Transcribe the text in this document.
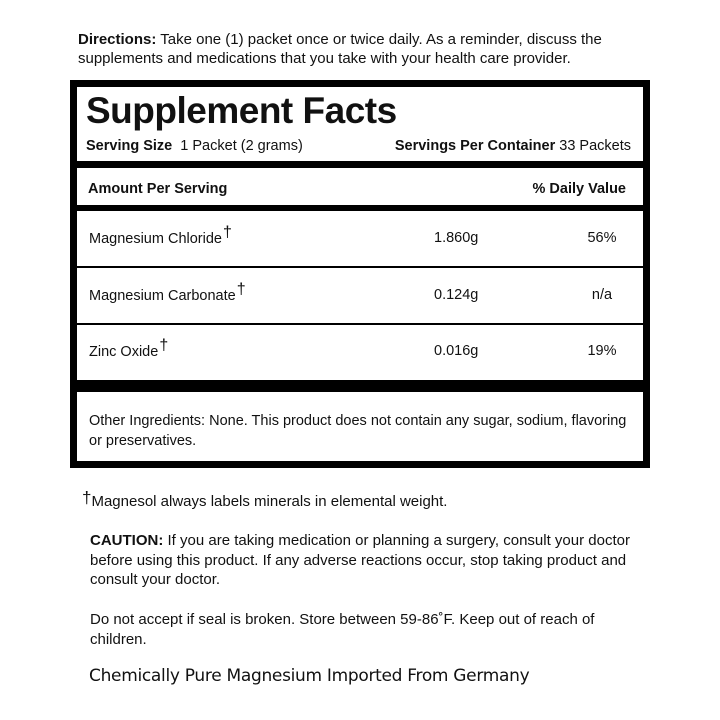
Directions: Take one (1) packet once or twice daily. As a reminder, discuss the supplements and medications that you take with your health care provider.
Supplement Facts
Serving Size 1 Packet (2 grams)	Servings Per Container 33 Packets
Amount Per Serving	% Daily Value
Magnesium Chloride†	1.860g	56%
Magnesium Carbonate†	0.124g	n/a
Zinc Oxide†	0.016g	19%
Other Ingredients: None. This product does not contain any sugar, sodium, flavoring or preservatives.
†Magnesol always labels minerals in elemental weight.
CAUTION: If you are taking medication or planning a surgery, consult your doctor before using this product. If any adverse reactions occur, stop taking product and consult your doctor.
Do not accept if seal is broken. Store between 59-86˚F. Keep out of reach of children.
Chemically Pure Magnesium Imported From Germany
